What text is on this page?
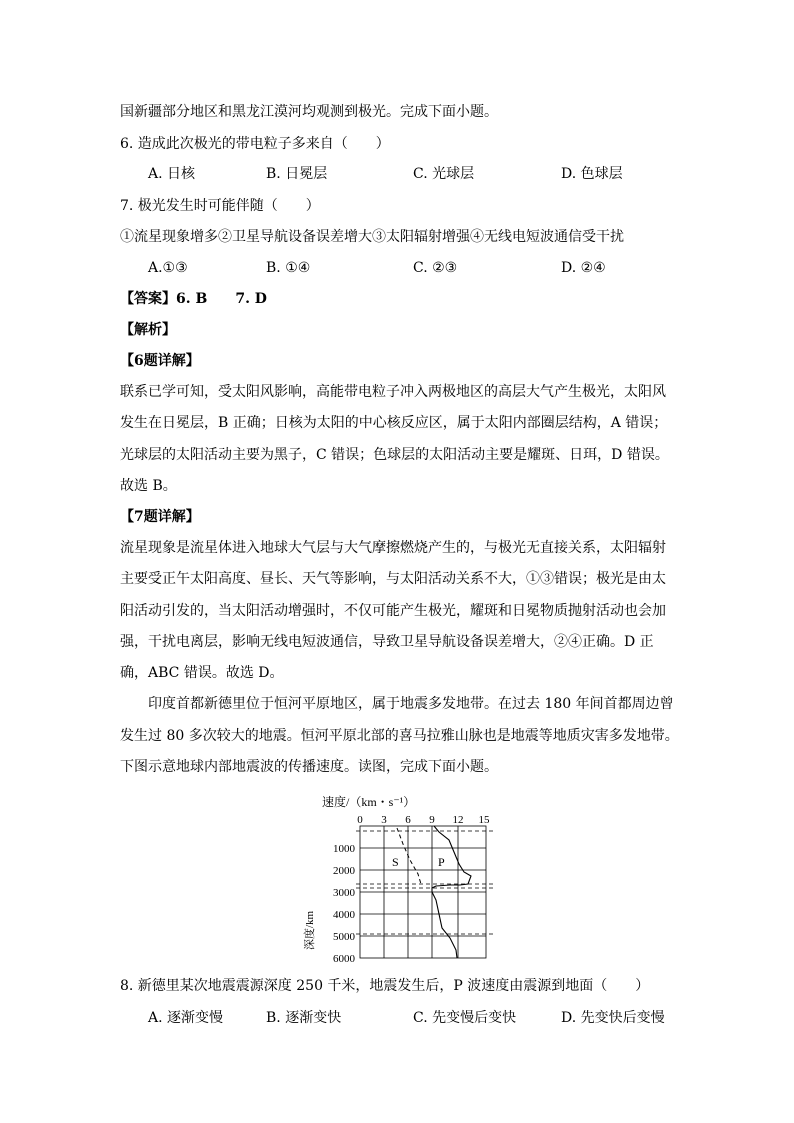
国新疆部分地区和黑龙江漠河均观测到极光。完成下面小题。
6. 造成此次极光的带电粒子多来自（　　）
A. 日核	B. 日冕层	C. 光球层	D. 色球层
7. 极光发生时可能伴随（　　）
①流星现象增多②卫星导航设备误差增大③太阳辐射增强④无线电短波通信受干扰
A.①③	B. ①④	C. ②③	D. ②④
【答案】6. B　　7. D
【解析】
【6题详解】
联系已学可知，受太阳风影响，高能带电粒子冲入两极地区的高层大气产生极光，太阳风
发生在日冕层，B 正确；日核为太阳的中心核反应区，属于太阳内部圈层结构，A 错误；
光球层的太阳活动主要为黑子，C 错误；色球层的太阳活动主要是耀斑、日珥，D 错误。
故选 B。
【7题详解】
流星现象是流星体进入地球大气层与大气摩擦燃烧产生的，与极光无直接关系，太阳辐射
主要受正午太阳高度、昼长、天气等影响，与太阳活动关系不大，①③错误；极光是由太
阳活动引发的，当太阳活动增强时，不仅可能产生极光，耀斑和日冕物质抛射活动也会加
强，干扰电离层，影响无线电短波通信，导致卫星导航设备误差增大，②④正确。D 正
确，ABC 错误。故选 D。
　　印度首都新德里位于恒河平原地区，属于地震多发地带。在过去 180 年间首都周边曾
发生过 80 多次较大的地震。恒河平原北部的喜马拉雅山脉也是地震等地质灾害多发地带。
下图示意地球内部地震波的传播速度。读图，完成下面小题。
速度/（km・s⁻¹）
0 3 6 9 12 15
1000
2000
3000
4000
5000
6000
深度/km
S	P
8. 新德里某次地震震源深度 250 千米，地震发生后，P 波速度由震源到地面（　　）
A. 逐渐变慢	B. 逐渐变快	C. 先变慢后变快	D. 先变快后变慢
